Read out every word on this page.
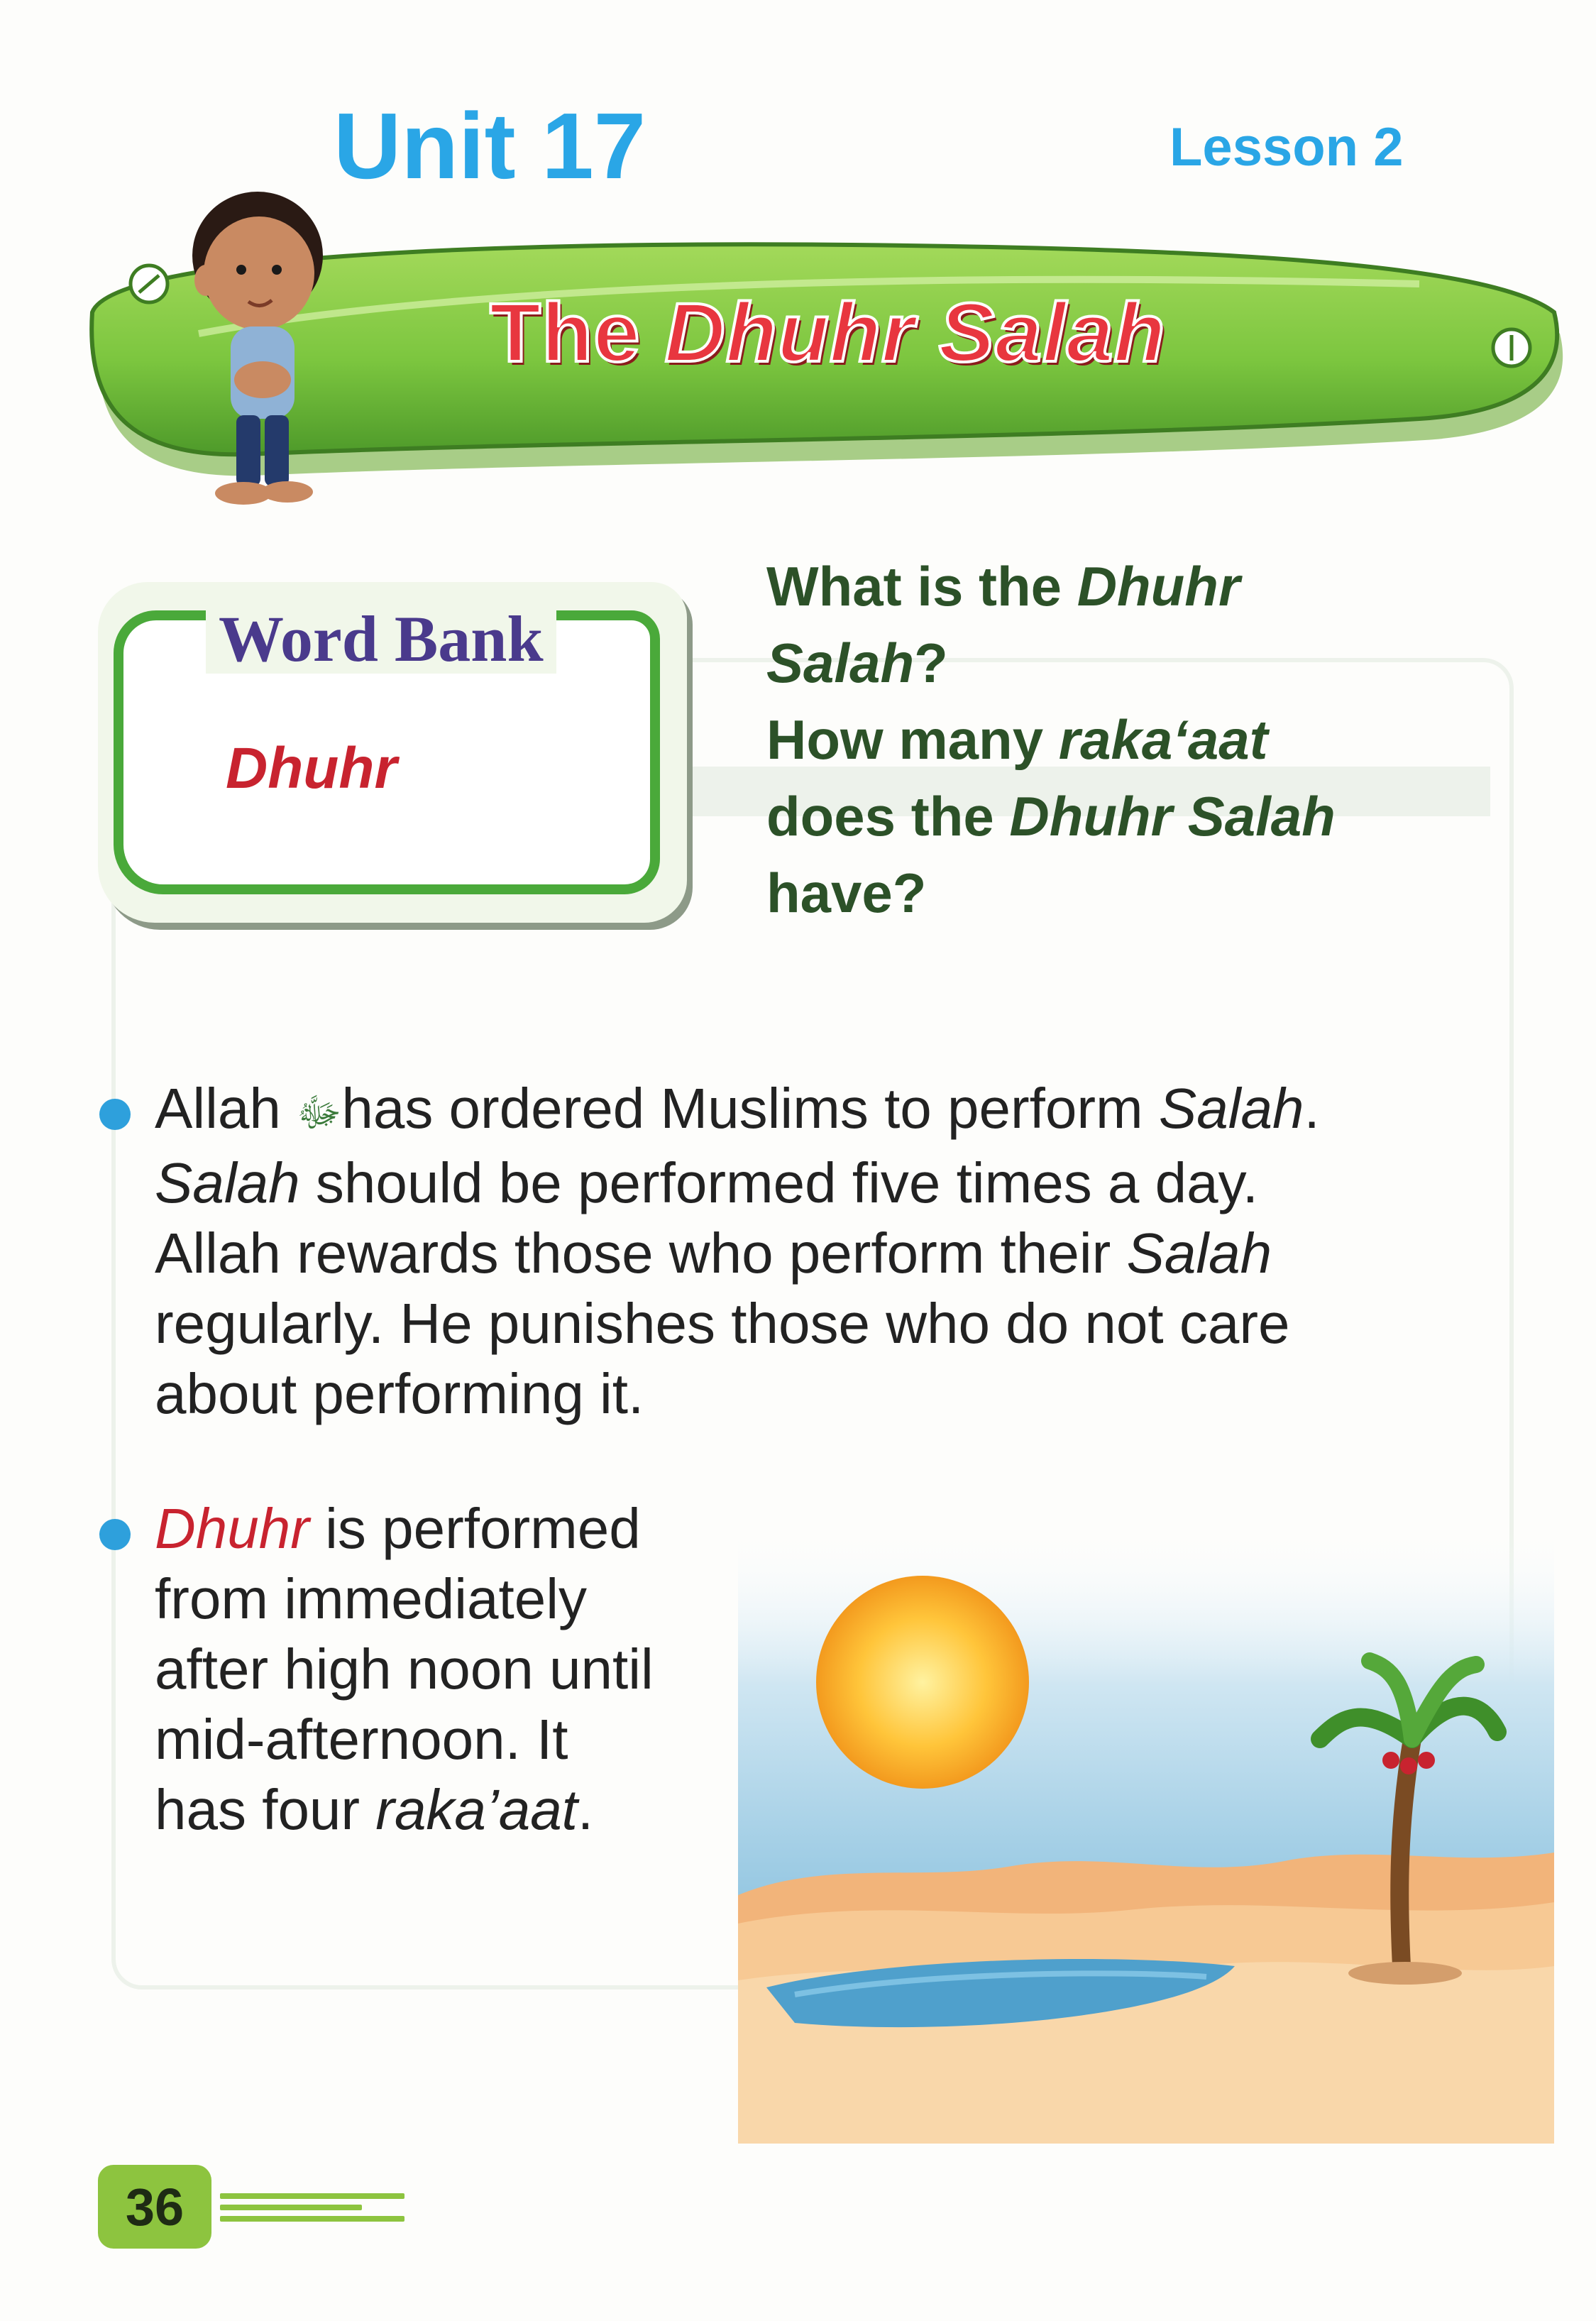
Unit 17	Lesson 2
The Dhuhr Salah
Word Bank
Dhuhr

What is the Dhuhr
Salah?

How many raka‘aat
does the Dhuhr Salah
have?

Allah ﷻhas ordered Muslims to perform Salah.
Salah should be performed five times a day.
Allah rewards those who perform their Salah
regularly. He punishes those who do not care
about performing it.
Dhuhr is performed
from immediately
after high noon until
mid-afternoon. It
has four raka’aat.
36
